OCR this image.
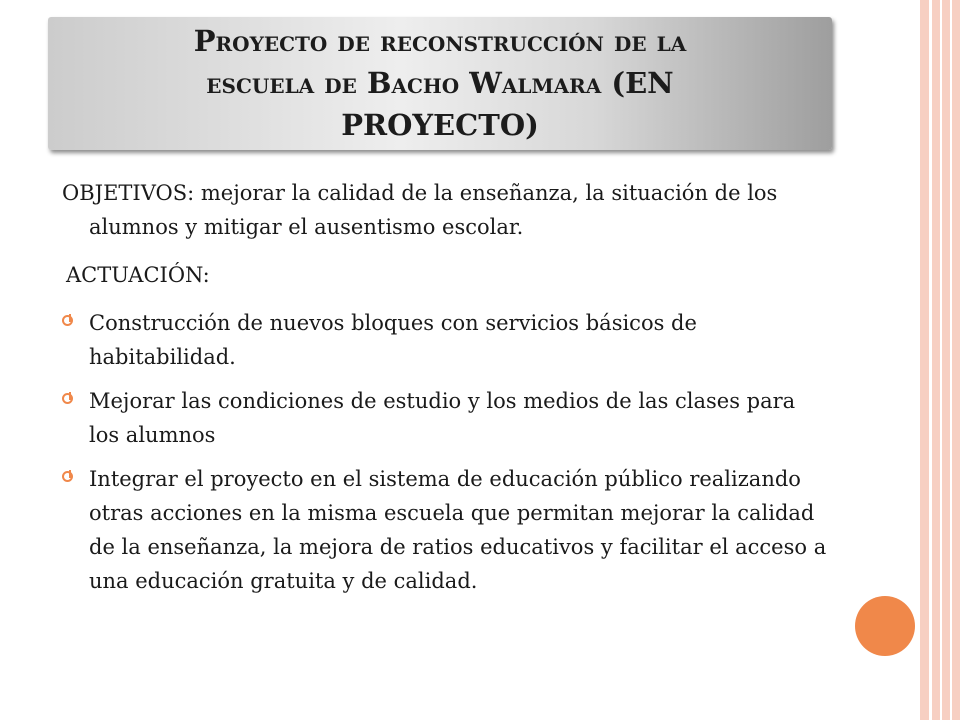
Proyecto de reconstrucción de la
escuela de Bacho Walmara (EN
PROYECTO)

OBJETIVOS: mejorar la calidad de la enseñanza, la situación de los alumnos y mitigar el ausentismo escolar.

ACTUACIÓN:

Construcción de nuevos bloques con servicios básicos de habitabilidad.
Mejorar las condiciones de estudio y los medios de las clases para los alumnos
Integrar el proyecto en el sistema de educación público realizando otras acciones en la misma escuela que permitan mejorar la calidad de la enseñanza, la mejora de ratios educativos y facilitar el acceso a una educación gratuita y de calidad.
